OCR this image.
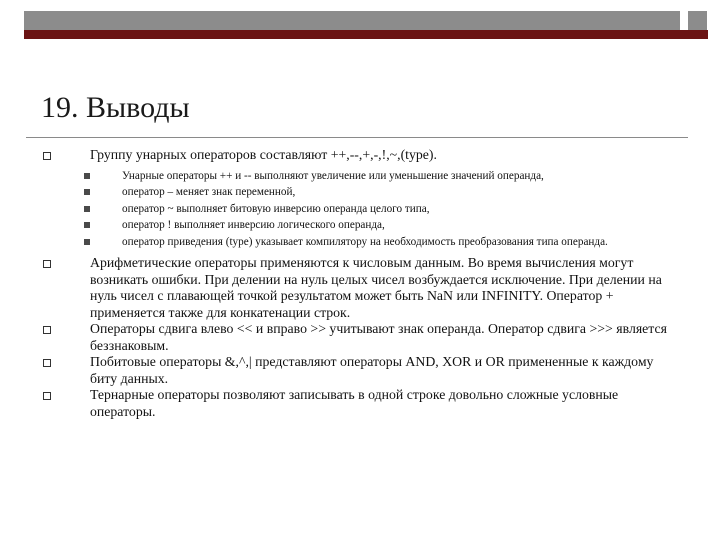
19. Выводы
Группу унарных операторов составляют ++,--,+,-,!,~,(type).
Унарные операторы ++ и -- выполняют увеличение или уменьшение значений операнда,
оператор – меняет знак переменной,
оператор ~ выполняет битовую инверсию операнда целого типа,
оператор ! выполняет инверсию логического операнда,
оператор приведения (type) указывает компилятору на необходимость преобразования типа операнда.
Арифметические операторы применяются к числовым данным. Во время вычисления могут возникать ошибки. При делении на нуль целых чисел возбуждается исключение. При делении на нуль чисел с плавающей точкой результатом может быть NaN или INFINITY. Оператор + применяется также для конкатенации строк.
Операторы сдвига влево << и вправо >> учитывают знак операнда. Оператор сдвига >>> является беззнаковым.
Побитовые операторы &,^,| представляют операторы AND, XOR и OR примененные к каждому биту данных.
Тернарные операторы позволяют записывать в одной строке довольно сложные условные операторы.
